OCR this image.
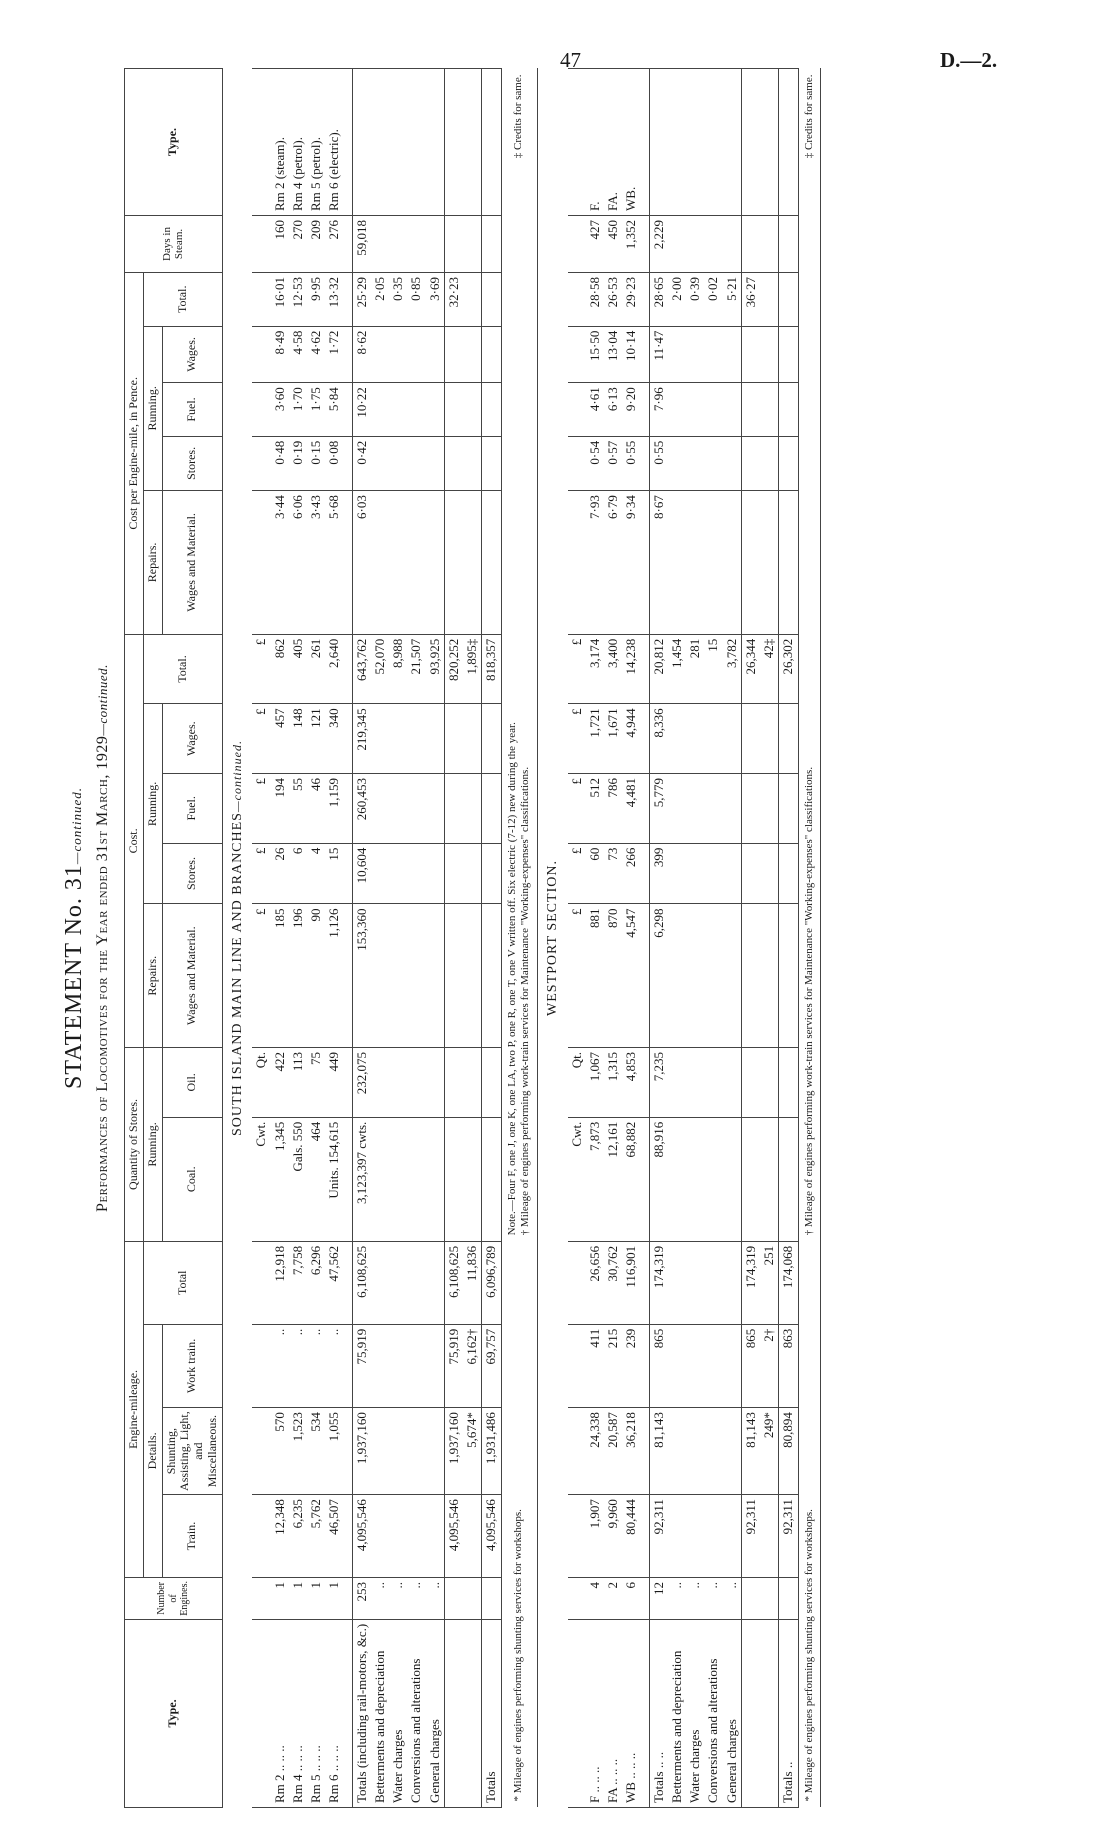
47	D.—2.
STATEMENT No. 31—continued. Performances of Locomotives for the Year ended 31st March, 1929—continued.
Type.	Number of Engines.	Engine-mileage.				Quantity of Stores.		Cost.					Cost per Engine-mile, in Pence.					Days in Steam.	Type.
		Details.			Total	Running.		Repairs.	Running.			Total.	Repairs.	Running.			Total.		
		Train.	Shunting, Assisting, Light, and Miscellaneous.	Work train.					Stores.	Fuel.	Wages.			Stores.	Fuel.	Wages.			
						Coal.	Oil.	Wages and Material.					Wages and Material.						
SOUTH ISLAND MAIN LINE AND BRANCHES—continued.																			
						Cwt.	Qt.	£	£	£	£	£							
Rm 2 .. .. ..	1	12,348	570	..	12,918	1,345	422	185	26	194	457	862	3·44	0·48	3·60	8·49	16·01	160	Rm 2 (steam).
Rm 4 .. .. ..	1	6,235	1,523	..	7,758	Gals. 550	113	196	6	55	148	405	6·06	0·19	1·70	4·58	12·53	270	Rm 4 (petrol).
Rm 5 .. .. ..	1	5,762	534	..	6,296	464	75	90	4	46	121	261	3·43	0·15	1·75	4·62	9·95	209	Rm 5 (petrol).
Rm 6 .. .. ..	1	46,507	1,055	..	47,562	Units. 154,615	449	1,126	15	1,159	340	2,640	5·68	0·08	5·84	1·72	13·32	276	Rm 6 (electric).

Totals (including rail-motors, &c.)	253	4,095,546	1,937,160	75,919	6,108,625	3,123,397 cwts.	232,075	153,360	10,604	260,453	219,345	643,762	6·03	0·42	10·22	8·62	25·29	59,018	
Betterments and depreciation	..											52,070					2·05		
Water charges	..											8,988					0·35		
Conversions and alterations	..											21,507					0·85		
General charges	..											93,925					3·69		
		4,095,546	1,937,160	75,919	6,108,625							820,252					32·23		
			5,674*	6,162†	11,836							1,895‡							
Totals		4,095,546	1,931,486	69,757	6,096,789							818,357							
* Mileage of engines performing shunting services for workshops.						Note.—Four F, one J, one K, one LA, two P, one R, one T, one V written off. Six electric (7-12) new during the year. † Mileage of engines performing work-train services for Maintenance "Working-expenses" classifications.										‡ Credits for same.			
WESTPORT SECTION.																			
						Cwt.	Qt.	£	£	£	£	£							
F .. .. ..	4	1,907	24,338	411	26,656	7,873	1,067	881	60	512	1,721	3,174	7·93	0·54	4·61	15·50	28·58	427	F.
FA .. .. ..	2	9,960	20,587	215	30,762	12,161	1,315	870	73	786	1,671	3,400	6·79	0·57	6·13	13·04	26·53	450	FA.
WB .. .. ..	6	80,444	36,218	239	116,901	68,882	4,853	4,547	266	4,481	4,944	14,238	9·34	0·55	9·20	10·14	29·23	1,352	WB.

Totals .. ..	12	92,311	81,143	865	174,319	88,916	7,235	6,298	399	5,779	8,336	20,812	8·67	0·55	7·96	11·47	28·65	2,229	
Betterments and depreciation	..											1,454					2·00		
Water charges	..											281					0·39		
Conversions and alterations	..											15					0·02		
General charges	..											3,782					5·21		
		92,311	81,143	865	174,319							26,344					36·27		
			249*	2†	251							42‡							
Totals ..		92,311	80,894	863	174,068							26,302							
* Mileage of engines performing shunting services for workshops.						† Mileage of engines performing work-train services for Maintenance "Working-expenses" classifications.										‡ Credits for same.			
